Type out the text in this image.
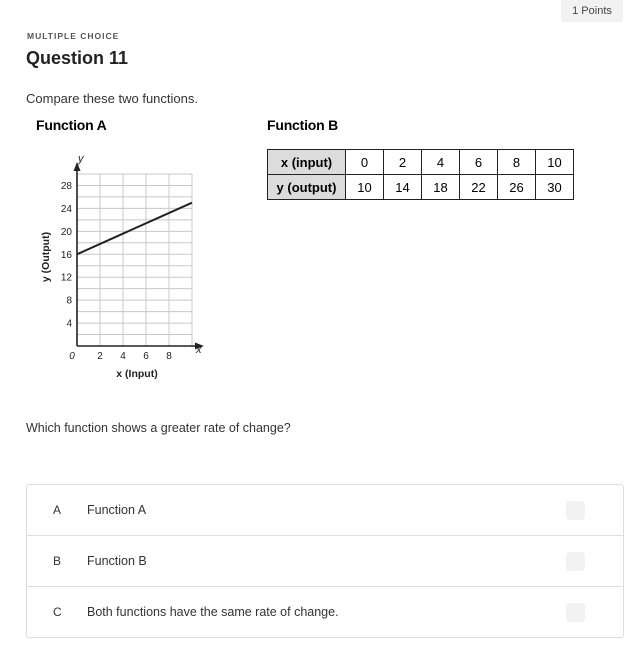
1 Points
MULTIPLE CHOICE
Question 11
Compare these two functions.
Function A	Function B
28
24
20
16
12
8
4
2 4 6 8
y
x
0
y (Output)
x (Input)
x (input)	0	2	4	6	8	10
y (output)	10	14	18	22	26	30
Which function shows a greater rate of change?
A Function A
B Function B
C Both functions have the same rate of change.
